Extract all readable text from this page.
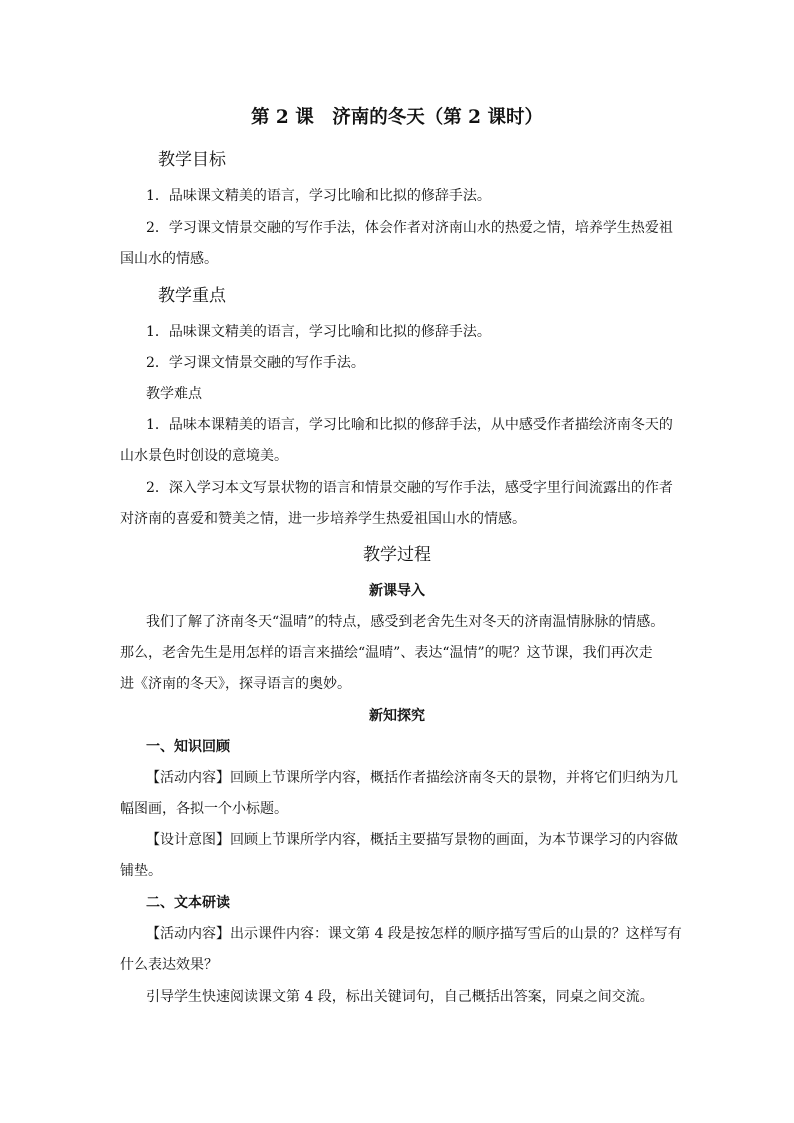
第 2 课　济南的冬天（第 2 课时）
教学目标
1．品味课文精美的语言，学习比喻和比拟的修辞手法。
2．学习课文情景交融的写作手法，体会作者对济南山水的热爱之情，培养学生热爱祖
国山水的情感。
教学重点
1．品味课文精美的语言，学习比喻和比拟的修辞手法。
2．学习课文情景交融的写作手法。
教学难点
1．品味本课精美的语言，学习比喻和比拟的修辞手法，从中感受作者描绘济南冬天的
山水景色时创设的意境美。
2．深入学习本文写景状物的语言和情景交融的写作手法，感受字里行间流露出的作者
对济南的喜爱和赞美之情，进一步培养学生热爱祖国山水的情感。
教学过程
新课导入
我们了解了济南冬天“温晴”的特点，感受到老舍先生对冬天的济南温情脉脉的情感。
那么，老舍先生是用怎样的语言来描绘“温晴”、表达“温情”的呢？这节课，我们再次走
进《济南的冬天》，探寻语言的奥妙。
新知探究
一、知识回顾
【活动内容】回顾上节课所学内容，概括作者描绘济南冬天的景物，并将它们归纳为几
幅图画，各拟一个小标题。
【设计意图】回顾上节课所学内容，概括主要描写景物的画面，为本节课学习的内容做
铺垫。
二、文本研读
【活动内容】出示课件内容：课文第 4 段是按怎样的顺序描写雪后的山景的？这样写有
什么表达效果？
引导学生快速阅读课文第 4 段，标出关键词句，自己概括出答案，同桌之间交流。
